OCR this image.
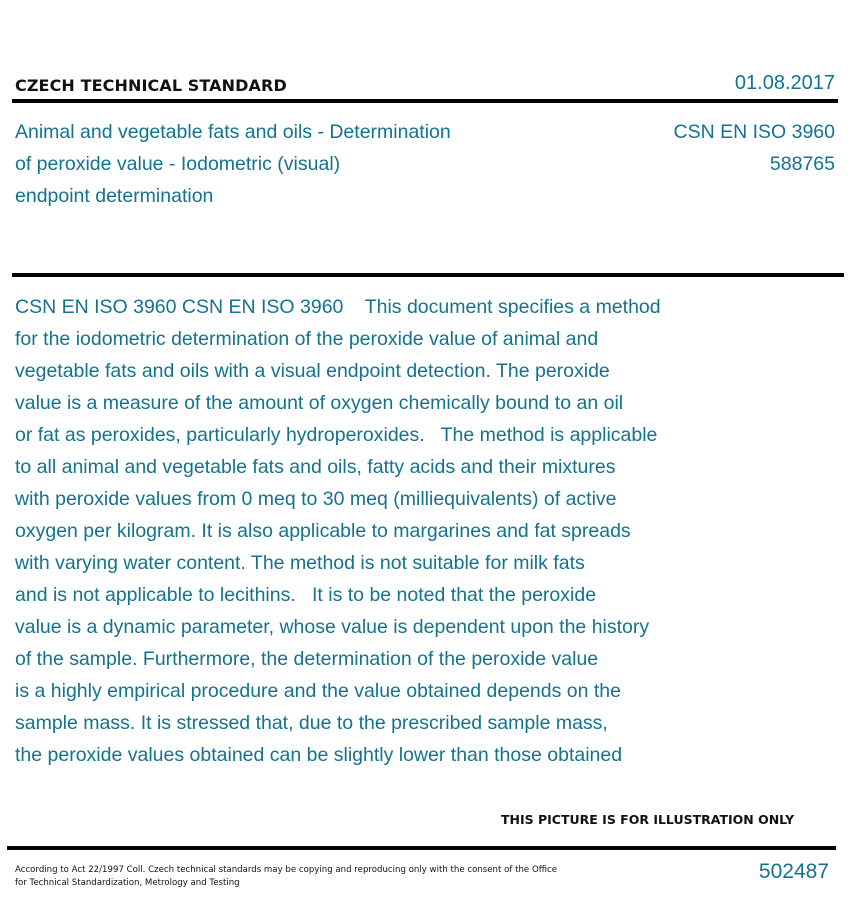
CZECH TECHNICAL STANDARD	01.08.2017
Animal and vegetable fats and oils - Determination
of peroxide value - Iodometric (visual)
endpoint determination
CSN EN ISO 3960
588765
CSN EN ISO 3960 CSN EN ISO 3960    This document specifies a method
for the iodometric determination of the peroxide value of animal and
vegetable fats and oils with a visual endpoint detection. The peroxide
value is a measure of the amount of oxygen chemically bound to an oil
or fat as peroxides, particularly hydroperoxides.   The method is applicable
to all animal and vegetable fats and oils, fatty acids and their mixtures
with peroxide values from 0 meq to 30 meq (milliequivalents) of active
oxygen per kilogram. It is also applicable to margarines and fat spreads
with varying water content. The method is not suitable for milk fats
and is not applicable to lecithins.   It is to be noted that the peroxide
value is a dynamic parameter, whose value is dependent upon the history
of the sample. Furthermore, the determination of the peroxide value
is a highly empirical procedure and the value obtained depends on the
sample mass. It is stressed that, due to the prescribed sample mass,
the peroxide values obtained can be slightly lower than those obtained
THIS PICTURE IS FOR ILLUSTRATION ONLY
According to Act 22/1997 Coll. Czech technical standards may be copying and reproducing only with the consent of the Office
for Technical Standardization, Metrology and Testing	502487
